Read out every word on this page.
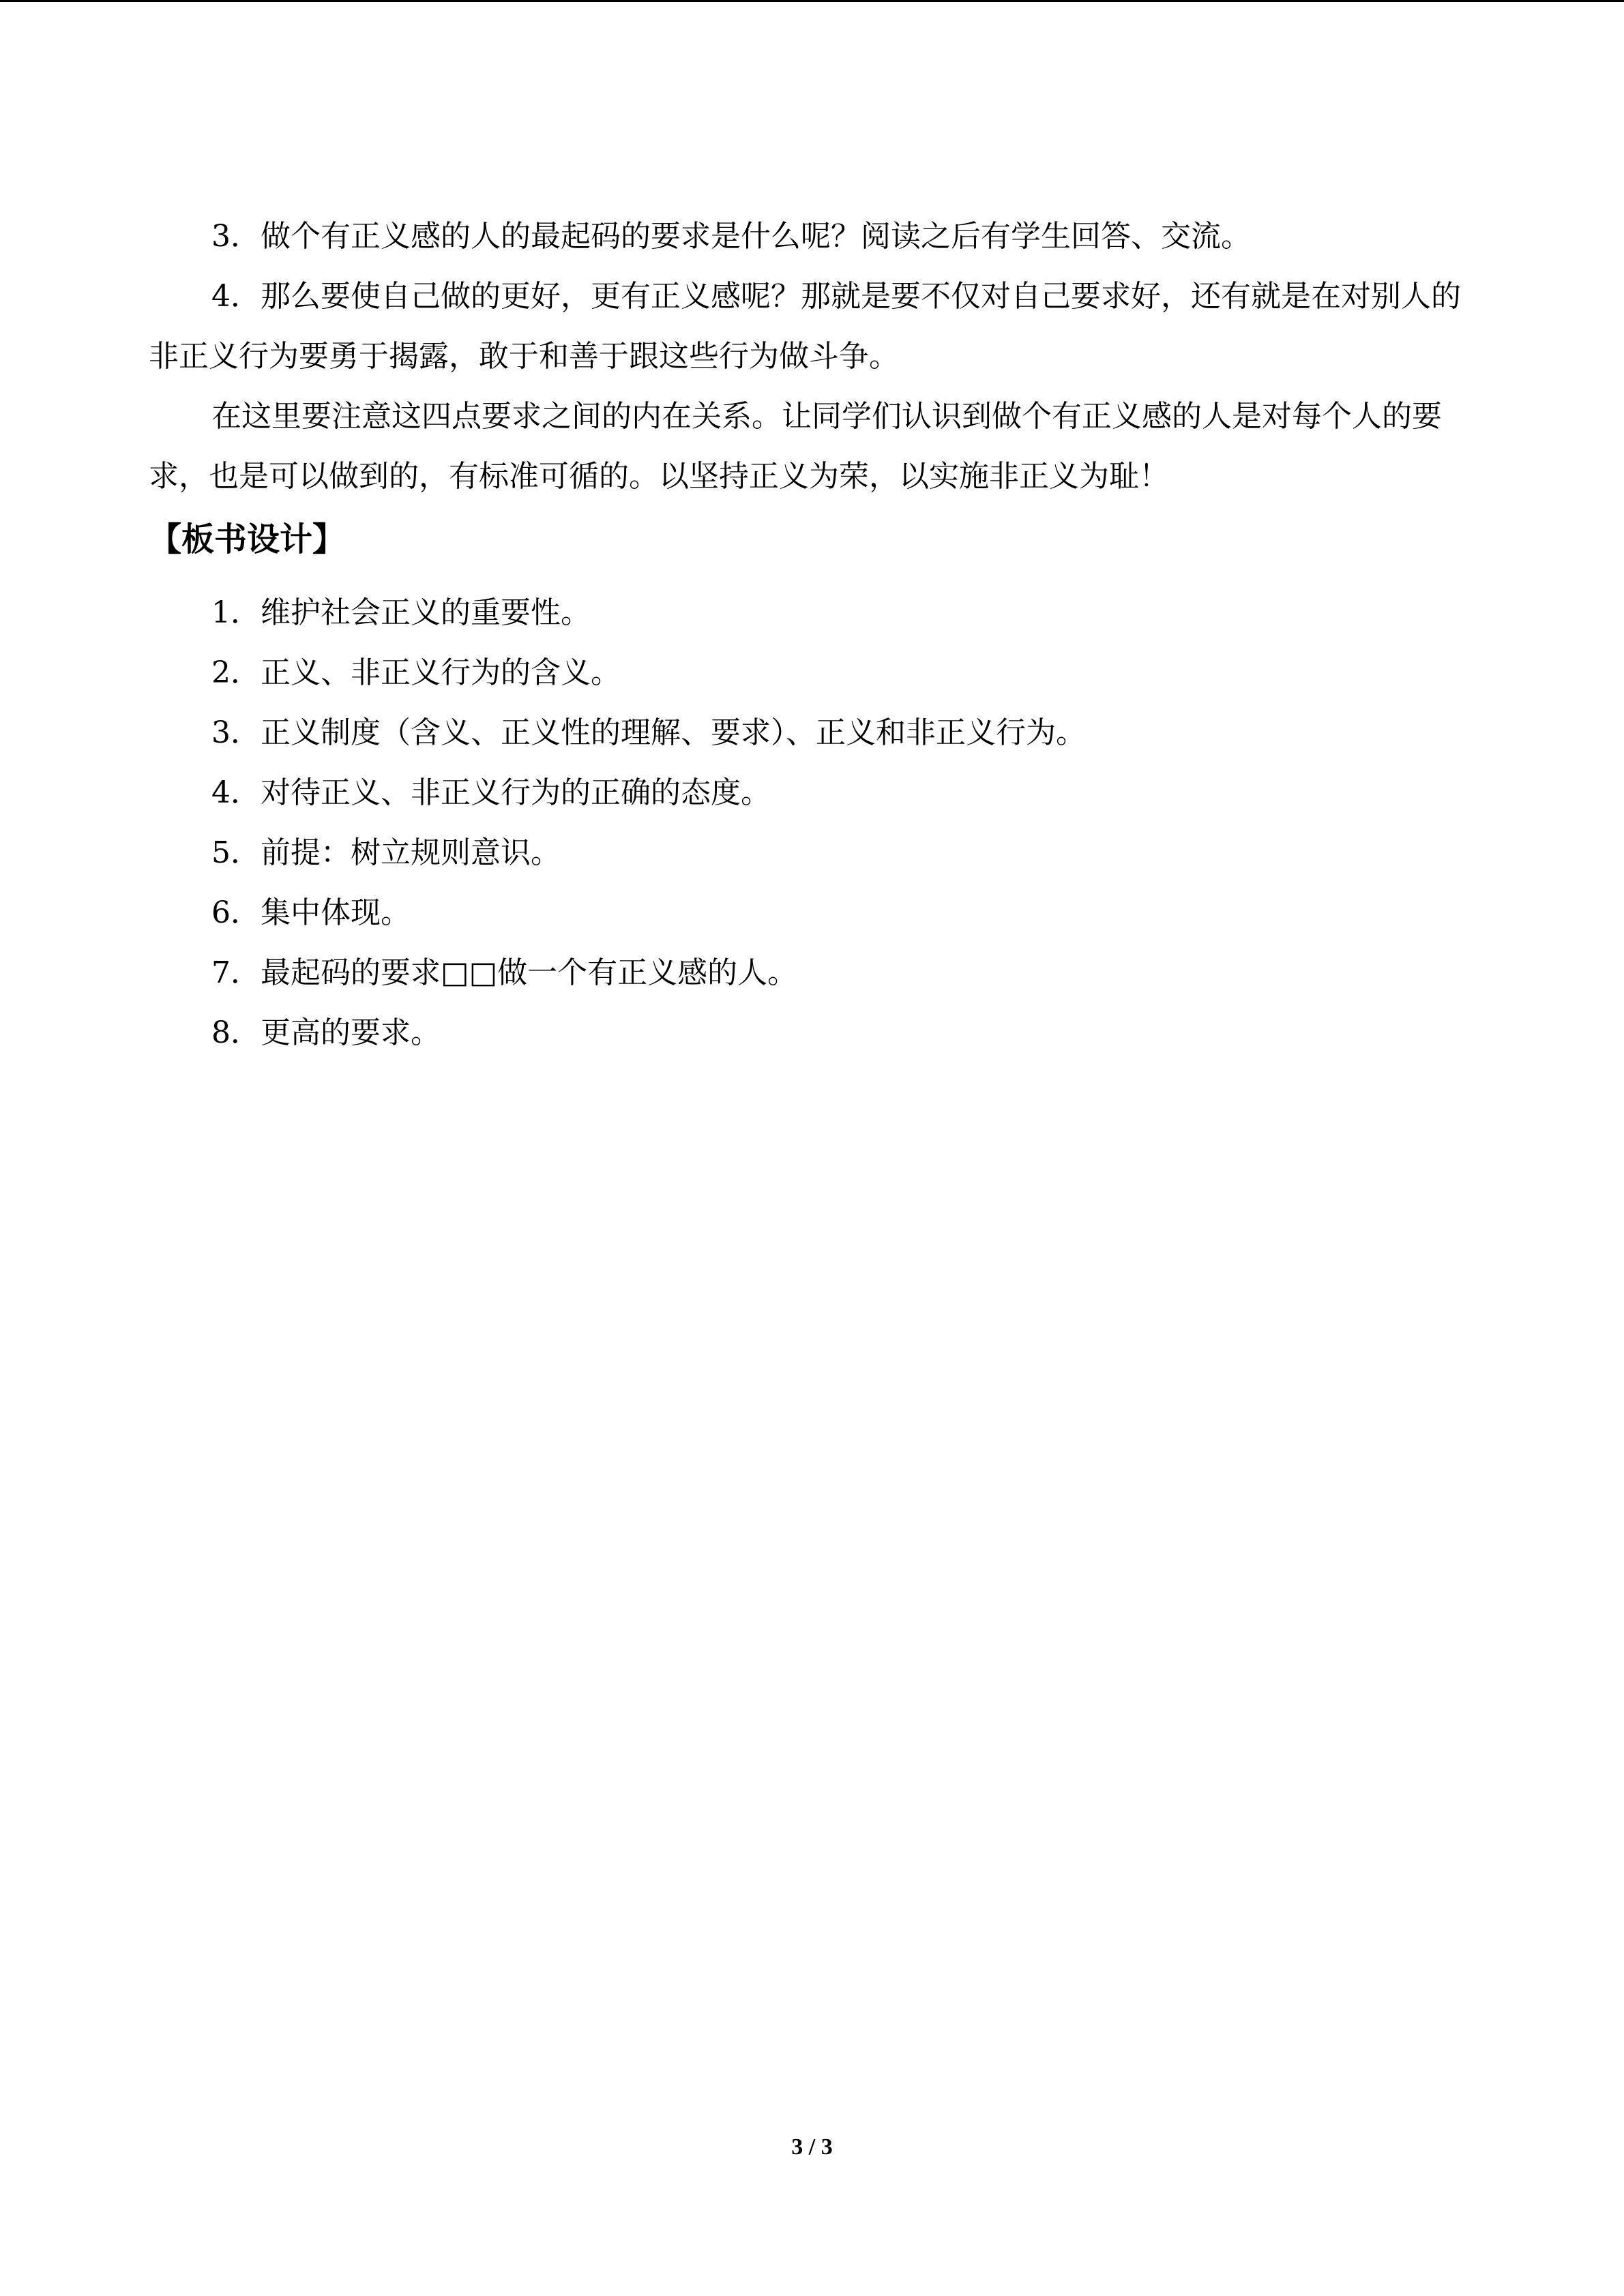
3．做个有正义感的人的最起码的要求是什么呢？阅读之后有学生回答、交流。

4．那么要使自己做的更好，更有正义感呢？那就是要不仅对自己要求好，还有就是在对别人的非正义行为要勇于揭露，敢于和善于跟这些行为做斗争。

在这里要注意这四点要求之间的内在关系。让同学们认识到做个有正义感的人是对每个人的要求，也是可以做到的，有标准可循的。以坚持正义为荣，以实施非正义为耻！

【板书设计】
1．维护社会正义的重要性。
2．正义、非正义行为的含义。
3．正义制度（含义、正义性的理解、要求）、正义和非正义行为。
4．对待正义、非正义行为的正确的态度。
5．前提：树立规则意识。
6．集中体现。
7．最起码的要求□□做一个有正义感的人。
8．更高的要求。
3 / 3
